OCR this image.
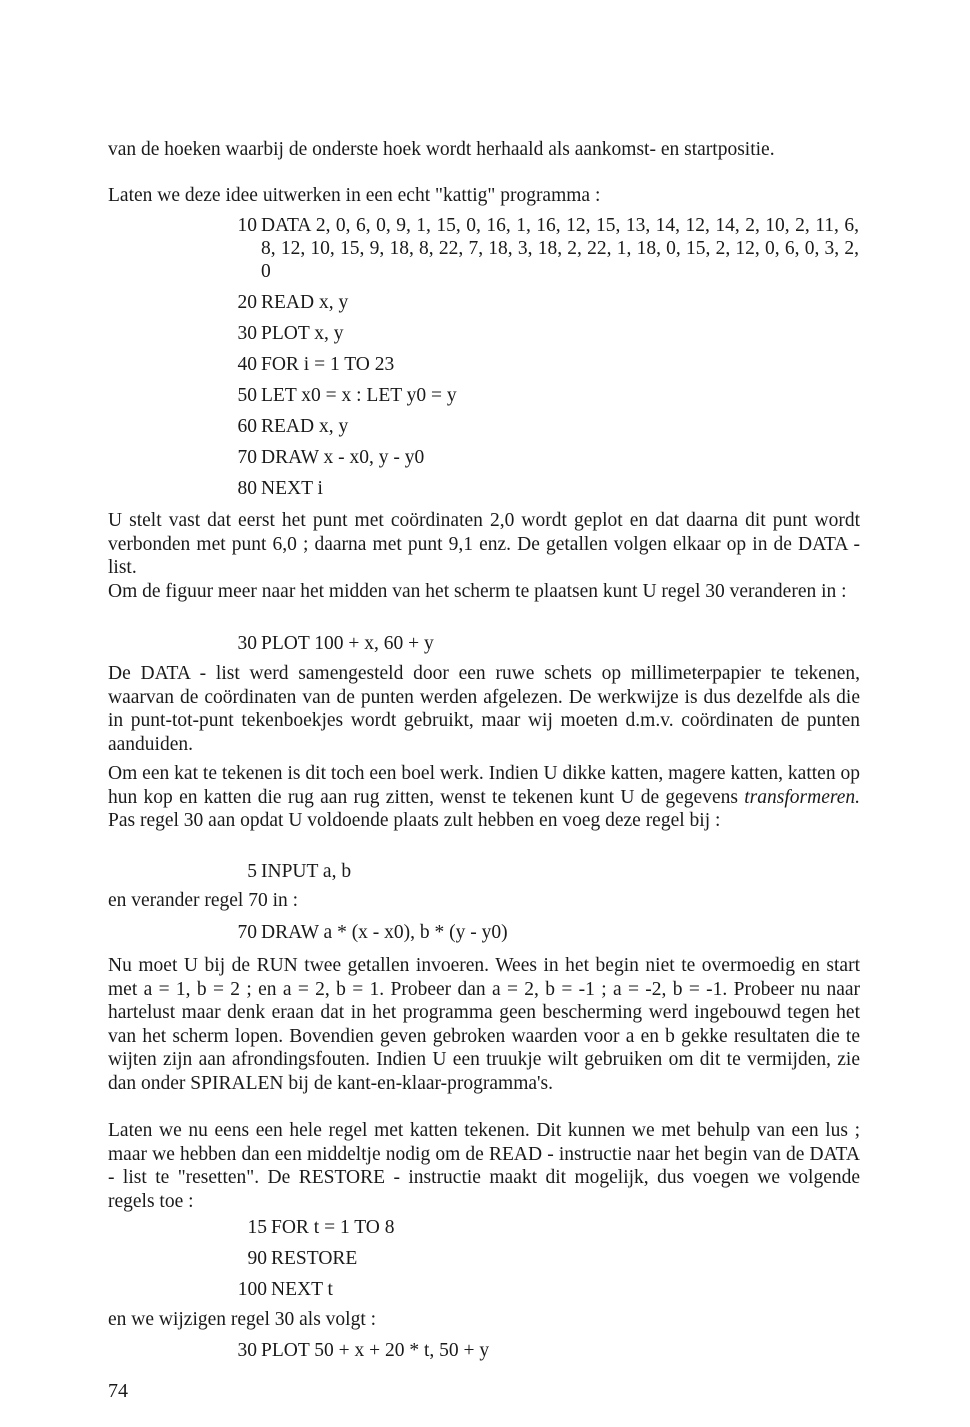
van de hoeken waarbij de onderste hoek wordt herhaald als aankomst- en startpositie.

Laten we deze idee uitwerken in een echt "kattig" programma :

10 DATA 2, 0, 6, 0, 9, 1, 15, 0, 16, 1, 16, 12, 15, 13, 14, 12, 14, 2, 10, 2, 11, 6, 8, 12, 10, 15, 9, 18, 8, 22, 7, 18, 3, 18, 2, 22, 1, 18, 0, 15, 2, 12, 0, 6, 0, 3, 2, 0
20 READ x, y
30 PLOT x, y
40 FOR i = 1 TO 23
50 LET x0 = x : LET y0 = y
60 READ x, y
70 DRAW x - x0, y - y0
80 NEXT i

U stelt vast dat eerst het punt met coördinaten 2,0 wordt geplot en dat daarna dit punt wordt verbonden met punt 6,0 ; daarna met punt 9,1 enz. De getallen volgen elkaar op in de DATA - list.

Om de figuur meer naar het midden van het scherm te plaatsen kunt U regel 30 veranderen in :

30 PLOT 100 + x, 60 + y

De DATA - list werd samengesteld door een ruwe schets op millimeterpapier te tekenen, waarvan de coördinaten van de punten werden afgelezen. De werkwijze is dus dezelfde als die in punt-tot-punt tekenboekjes wordt gebruikt, maar wij moeten d.m.v. coördinaten de punten aanduiden.

Om een kat te tekenen is dit toch een boel werk. Indien U dikke katten, magere katten, katten op hun kop en katten die rug aan rug zitten, wenst te tekenen kunt U de gegevens transformeren. Pas regel 30 aan opdat U voldoende plaats zult hebben en voeg deze regel bij :

5 INPUT a, b

en verander regel 70 in :

70 DRAW a * (x - x0), b * (y - y0)

Nu moet U bij de RUN twee getallen invoeren. Wees in het begin niet te overmoedig en start met a = 1, b = 2 ; en a = 2, b = 1. Probeer dan a = 2, b = -1 ; a = -2, b = -1. Probeer nu naar hartelust maar denk eraan dat in het programma geen bescherming werd ingebouwd tegen het van het scherm lopen. Bovendien geven gebroken waarden voor a en b gekke resultaten die te wijten zijn aan afrondingsfouten. Indien U een truukje wilt gebruiken om dit te vermijden, zie dan onder SPIRALEN bij de kant-en-klaar-programma's.

Laten we nu eens een hele regel met katten tekenen. Dit kunnen we met behulp van een lus ; maar we hebben dan een middeltje nodig om de READ - instructie naar het begin van de DATA - list te "resetten". De RESTORE - instructie maakt dit mogelijk, dus voegen we volgende regels toe :

15 FOR t = 1 TO 8
90 RESTORE
100 NEXT t

en we wijzigen regel 30 als volgt :

30 PLOT 50 + x + 20 * t, 50 + y
74
